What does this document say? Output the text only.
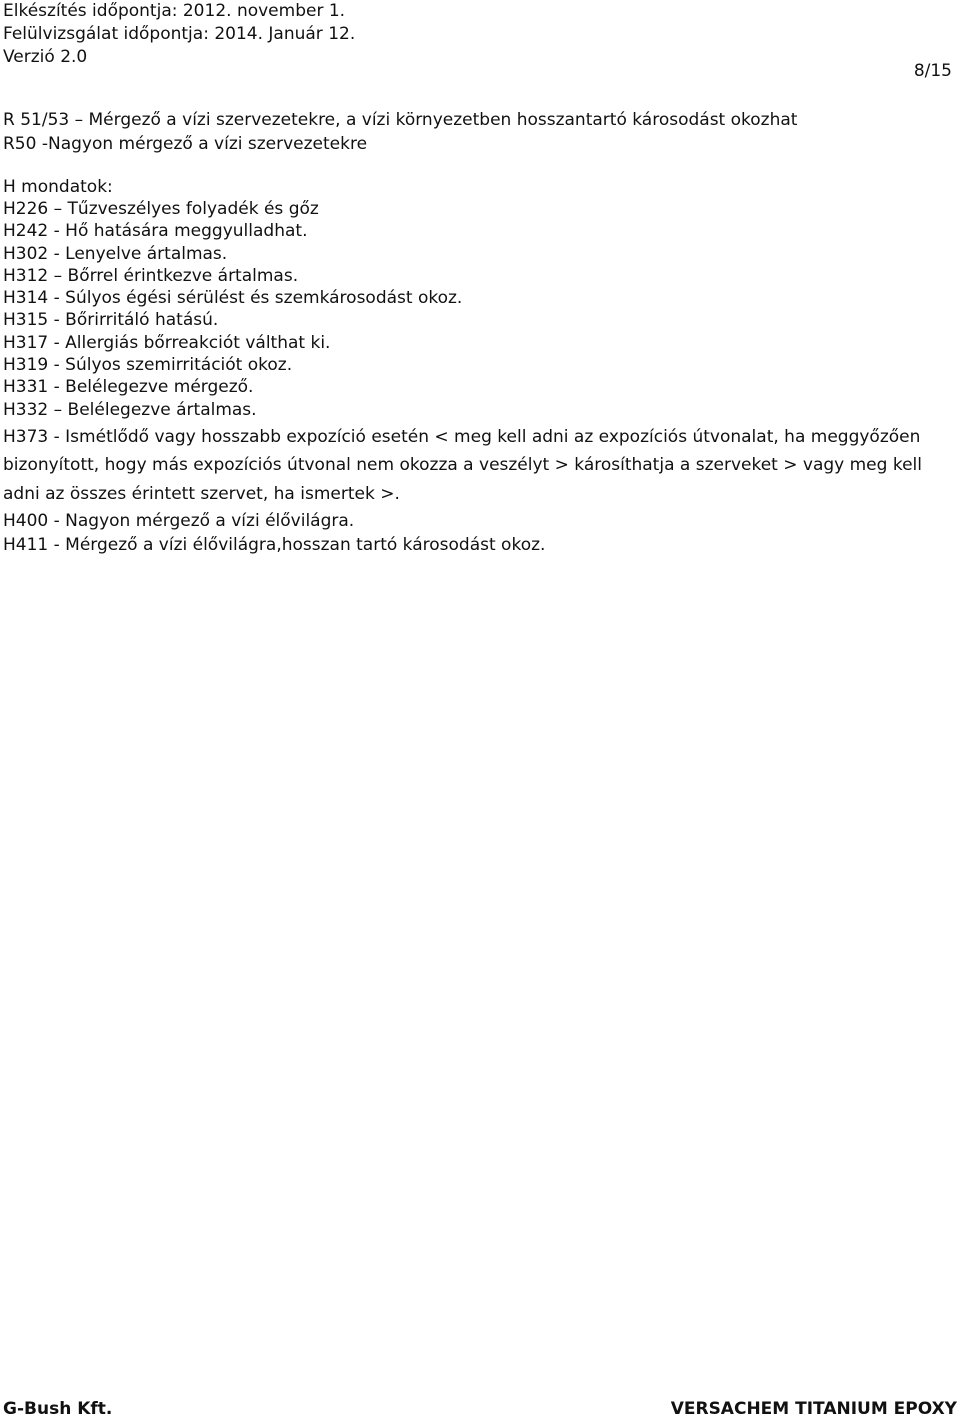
Elkészítés időpontja: 2012. november 1.
Felülvizsgálat időpontja: 2014. Január 12.
Verzió 2.0
8/15
R 51/53 – Mérgező a vízi szervezetekre, a vízi környezetben hosszantartó károsodást okozhat
R50 -Nagyon mérgező a vízi szervezetekre
H mondatok:
H226 – Tűzveszélyes folyadék és gőz
H242 - Hő hatására meggyulladhat.
H302 - Lenyelve ártalmas.
H312 – Bőrrel érintkezve ártalmas.
H314 - Súlyos égési sérülést és szemkárosodást okoz.
H315 - Bőrirritáló hatású.
H317 - Allergiás bőrreakciót válthat ki.
H319 - Súlyos szemirritációt okoz.
H331 - Belélegezve mérgező.
H332 – Belélegezve ártalmas.
H373 - Ismétlődő vagy hosszabb expozíció esetén < meg kell adni az expozíciós útvonalat, ha meggyőzően bizonyított, hogy más expozíciós útvonal nem okozza a veszélyt > károsíthatja a szerveket > vagy meg kell adni az összes érintett szervet, ha ismertek >.
H400 - Nagyon mérgező a vízi élővilágra.
H411 - Mérgező a vízi élővilágra,hosszan tartó károsodást okoz.
G-Bush Kft.	VERSACHEM TITANIUM EPOXY
